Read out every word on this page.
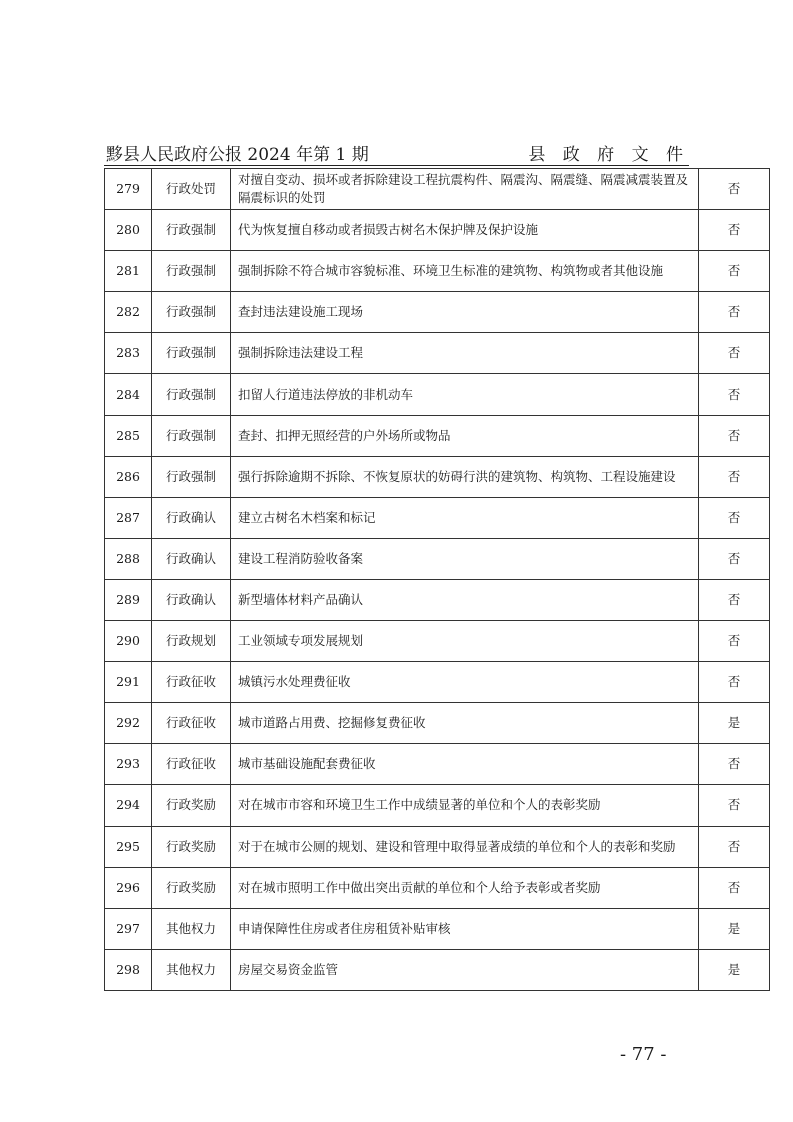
黟县人民政府公报 2024 年第 1 期	县 政 府 文 件
279	行政处罚	对擅自变动、损坏或者拆除建设工程抗震构件、隔震沟、隔震缝、隔震减震装置及隔震标识的处罚	否
280	行政强制	代为恢复擅自移动或者损毁古树名木保护牌及保护设施	否
281	行政强制	强制拆除不符合城市容貌标准、环境卫生标准的建筑物、构筑物或者其他设施	否
282	行政强制	查封违法建设施工现场	否
283	行政强制	强制拆除违法建设工程	否
284	行政强制	扣留人行道违法停放的非机动车	否
285	行政强制	查封、扣押无照经营的户外场所或物品	否
286	行政强制	强行拆除逾期不拆除、不恢复原状的妨碍行洪的建筑物、构筑物、工程设施建设	否
287	行政确认	建立古树名木档案和标记	否
288	行政确认	建设工程消防验收备案	否
289	行政确认	新型墙体材料产品确认	否
290	行政规划	工业领域专项发展规划	否
291	行政征收	城镇污水处理费征收	否
292	行政征收	城市道路占用费、挖掘修复费征收	是
293	行政征收	城市基础设施配套费征收	否
294	行政奖励	对在城市市容和环境卫生工作中成绩显著的单位和个人的表彰奖励	否
295	行政奖励	对于在城市公厕的规划、建设和管理中取得显著成绩的单位和个人的表彰和奖励	否
296	行政奖励	对在城市照明工作中做出突出贡献的单位和个人给予表彰或者奖励	否
297	其他权力	申请保障性住房或者住房租赁补贴审核	是
298	其他权力	房屋交易资金监管	是
- 77 -
